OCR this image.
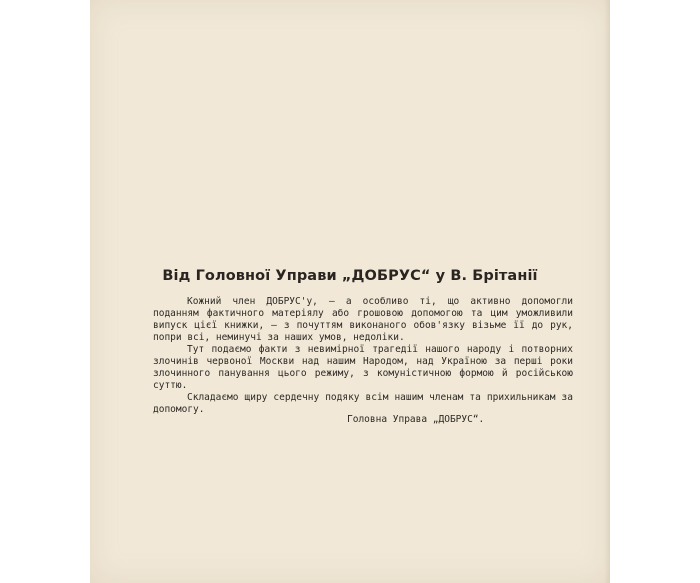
Від Головної Управи „ДОБРУС“ у В. Брітанії

Кожний член ДОБРУС'у, — а особливо ті, що активно допомогли поданням фактичного матеріялу або грошовою допомогою та цим уможливили випуск цієї книжки, — з почуттям виконаного обов'язку візьме її до рук, попри всі, неминучі за наших умов, недоліки.

Тут подаємо факти з невимірної трагедії нашого народу і потворних злочинів червоної Москви над нашим Народом, над Україною за перші роки злочинного панування цього режиму, з комуністичною формою й російською суттю.

Складаємо щиру сердечну подяку всім нашим членам та прихильникам за допомогу.

Головна Управа „ДОБРУС“.
